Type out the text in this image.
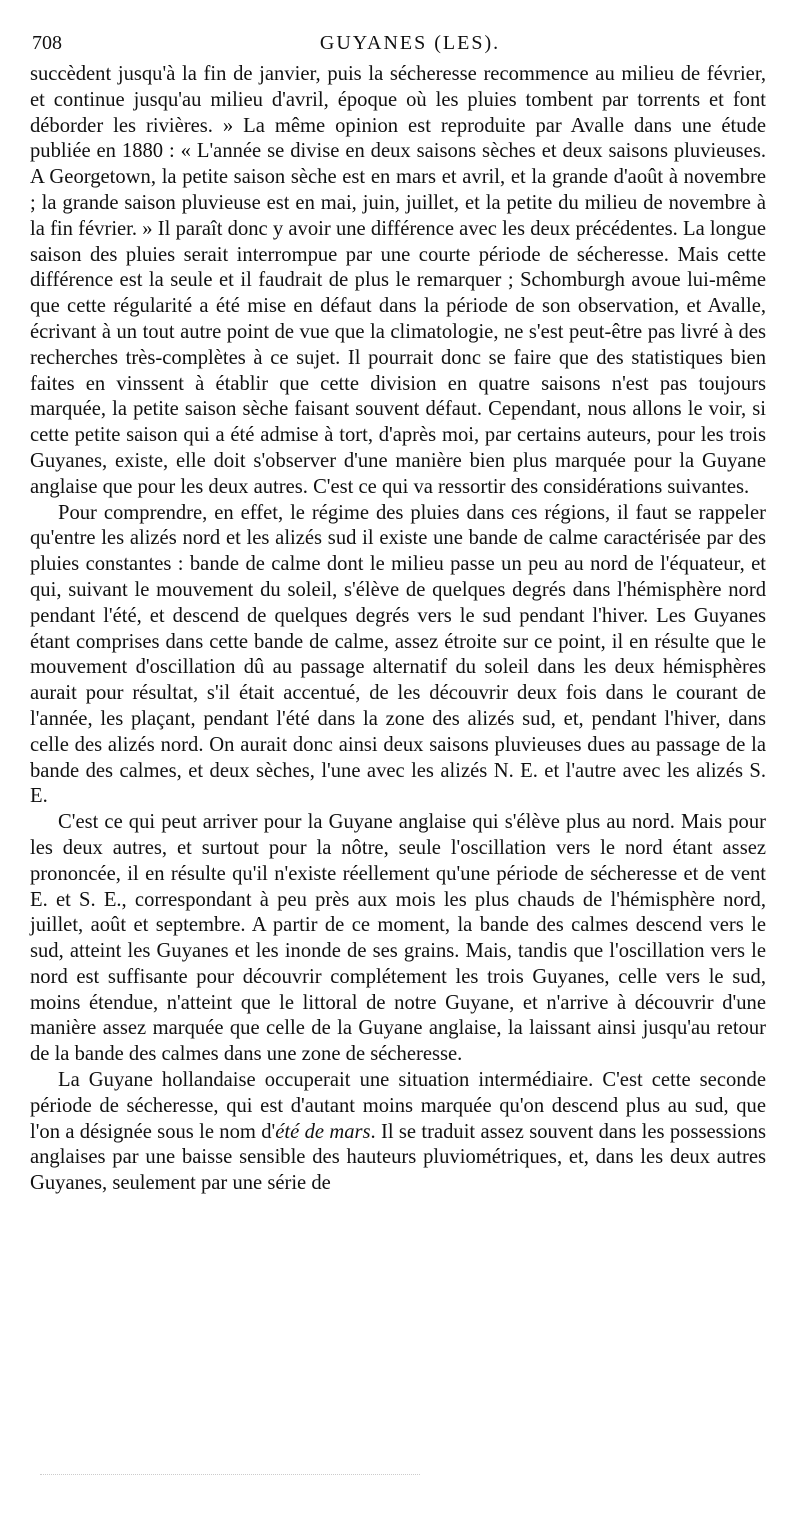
708	GUYANES (LES).

succèdent jusqu'à la fin de janvier, puis la sécheresse recommence au milieu de février, et continue jusqu'au milieu d'avril, époque où les pluies tombent par torrents et font déborder les rivières. » La même opinion est reproduite par Avalle dans une étude publiée en 1880 : « L'année se divise en deux saisons sèches et deux saisons pluvieuses. A Georgetown, la petite saison sèche est en mars et avril, et la grande d'août à novembre ; la grande saison pluvieuse est en mai, juin, juillet, et la petite du milieu de novembre à la fin février. » Il paraît donc y avoir une différence avec les deux précédentes. La longue saison des pluies serait interrompue par une courte période de sécheresse. Mais cette différence est la seule et il faudrait de plus le remarquer ; Schomburgh avoue lui-même que cette régularité a été mise en défaut dans la période de son observation, et Avalle, écrivant à un tout autre point de vue que la climatologie, ne s'est peut-être pas livré à des recherches très-complètes à ce sujet. Il pourrait donc se faire que des statistiques bien faites en vinssent à établir que cette division en quatre saisons n'est pas toujours marquée, la petite saison sèche faisant souvent défaut. Cependant, nous allons le voir, si cette petite saison qui a été admise à tort, d'après moi, par certains auteurs, pour les trois Guyanes, existe, elle doit s'observer d'une manière bien plus marquée pour la Guyane anglaise que pour les deux autres. C'est ce qui va ressortir des considérations suivantes.

Pour comprendre, en effet, le régime des pluies dans ces régions, il faut se rappeler qu'entre les alizés nord et les alizés sud il existe une bande de calme caractérisée par des pluies constantes : bande de calme dont le milieu passe un peu au nord de l'équateur, et qui, suivant le mouvement du soleil, s'élève de quelques degrés dans l'hémisphère nord pendant l'été, et descend de quelques degrés vers le sud pendant l'hiver. Les Guyanes étant comprises dans cette bande de calme, assez étroite sur ce point, il en résulte que le mouvement d'oscillation dû au passage alternatif du soleil dans les deux hémisphères aurait pour résultat, s'il était accentué, de les découvrir deux fois dans le courant de l'année, les plaçant, pendant l'été dans la zone des alizés sud, et, pendant l'hiver, dans celle des alizés nord. On aurait donc ainsi deux saisons pluvieuses dues au passage de la bande des calmes, et deux sèches, l'une avec les alizés N. E. et l'autre avec les alizés S. E.

C'est ce qui peut arriver pour la Guyane anglaise qui s'élève plus au nord. Mais pour les deux autres, et surtout pour la nôtre, seule l'oscillation vers le nord étant assez prononcée, il en résulte qu'il n'existe réellement qu'une période de sécheresse et de vent E. et S. E., correspondant à peu près aux mois les plus chauds de l'hémisphère nord, juillet, août et septembre. A partir de ce moment, la bande des calmes descend vers le sud, atteint les Guyanes et les inonde de ses grains. Mais, tandis que l'oscillation vers le nord est suffisante pour découvrir complétement les trois Guyanes, celle vers le sud, moins étendue, n'atteint que le littoral de notre Guyane, et n'arrive à découvrir d'une manière assez marquée que celle de la Guyane anglaise, la laissant ainsi jusqu'au retour de la bande des calmes dans une zone de sécheresse.

La Guyane hollandaise occuperait une situation intermédiaire. C'est cette seconde période de sécheresse, qui est d'autant moins marquée qu'on descend plus au sud, que l'on a désignée sous le nom d'été de mars. Il se traduit assez souvent dans les possessions anglaises par une baisse sensible des hauteurs pluviométriques, et, dans les deux autres Guyanes, seulement par une série de
